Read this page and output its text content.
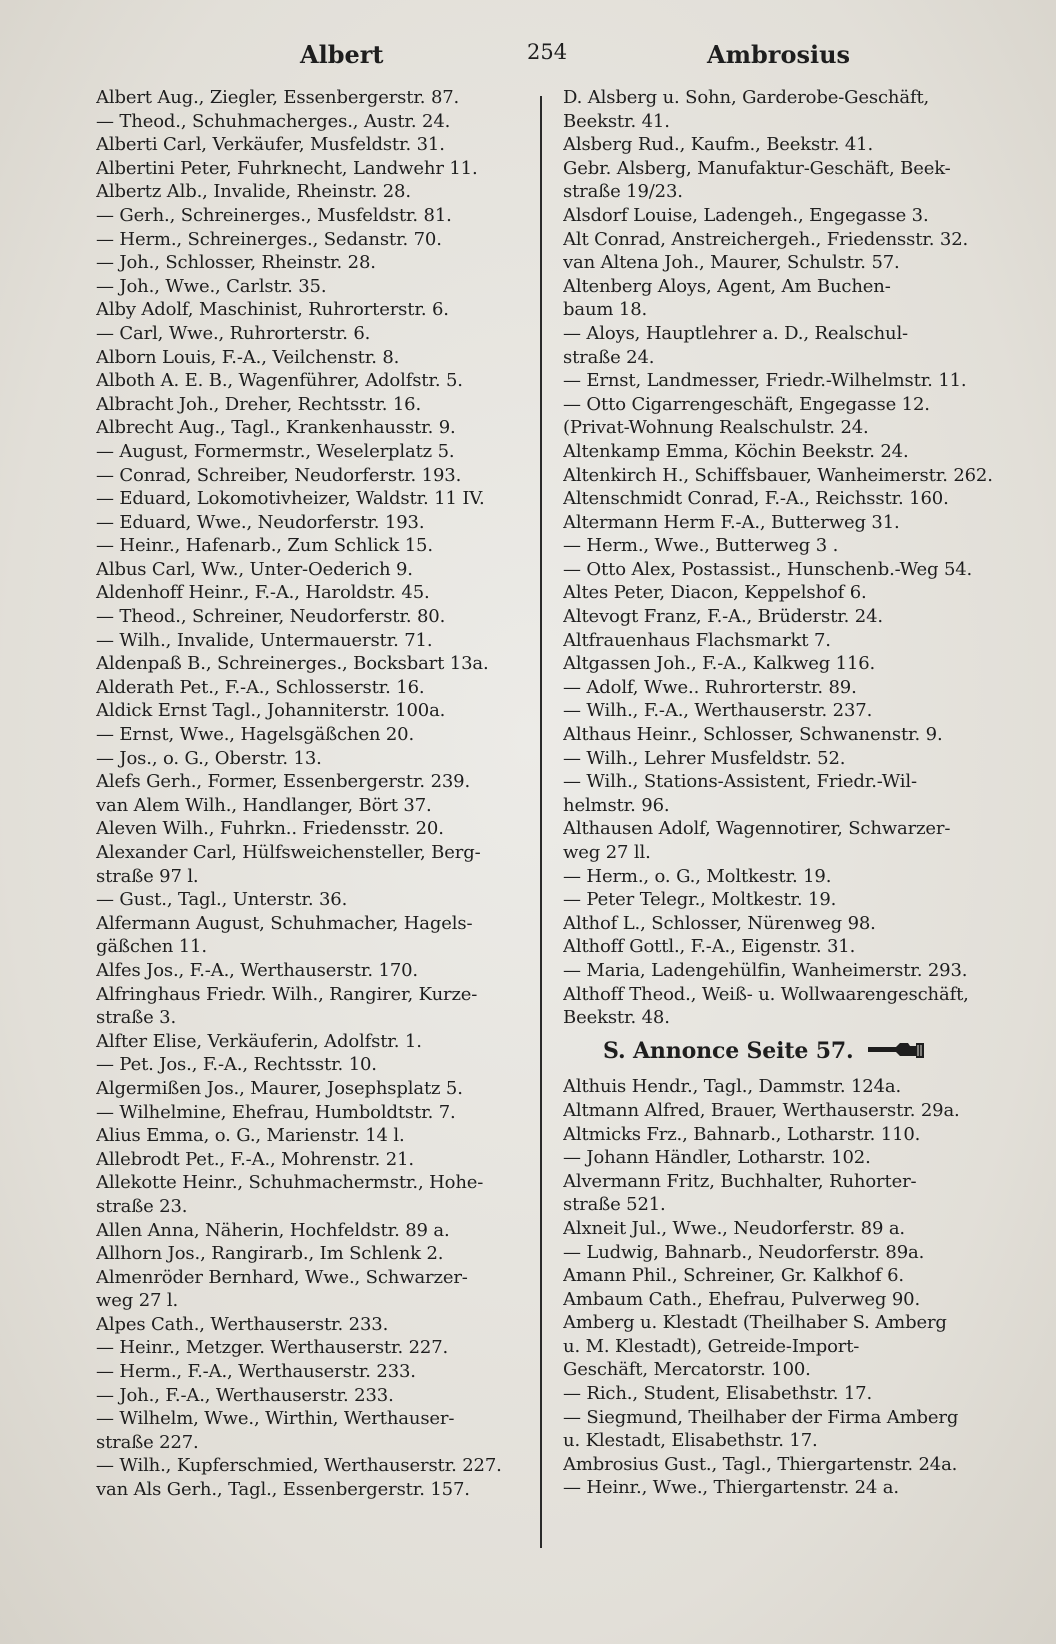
Albert	254	Ambrosius
Albert Aug., Ziegler, Essenbergerstr. 87.
— Theod., Schuhmacherges., Austr. 24.
Alberti Carl, Verkäufer, Musfeldstr. 31.
Albertini Peter, Fuhrknecht, Landwehr 11.
Albertz Alb., Invalide, Rheinstr. 28.
— Gerh., Schreinerges., Musfeldstr. 81.
— Herm., Schreinerges., Sedanstr. 70.
— Joh., Schlosser, Rheinstr. 28.
— Joh., Wwe., Carlstr. 35.
Alby Adolf, Maschinist, Ruhrorterstr. 6.
— Carl, Wwe., Ruhrorterstr. 6.
Alborn Louis, F.-A., Veilchenstr. 8.
Alboth A. E. B., Wagenführer, Adolfstr. 5.
Albracht Joh., Dreher, Rechtsstr. 16.
Albrecht Aug., Tagl., Krankenhausstr. 9.
— August, Formermstr., Weselerplatz 5.
— Conrad, Schreiber, Neudorferstr. 193.
— Eduard, Lokomotivheizer, Waldstr. 11 IV.
— Eduard, Wwe., Neudorferstr. 193.
— Heinr., Hafenarb., Zum Schlick 15.
Albus Carl, Ww., Unter-Oederich 9.
Aldenhoff Heinr., F.-A., Haroldstr. 45.
— Theod., Schreiner, Neudorferstr. 80.
— Wilh., Invalide, Untermauerstr. 71.
Aldenpaß B., Schreinerges., Bocksbart 13a.
Alderath Pet., F.-A., Schlosserstr. 16.
Aldick Ernst Tagl., Johanniterstr. 100a.
— Ernst, Wwe., Hagelsgäßchen 20.
— Jos., o. G., Oberstr. 13.
Alefs Gerh., Former, Essenbergerstr. 239.
van Alem Wilh., Handlanger, Bört 37.
Aleven Wilh., Fuhrkn.. Friedensstr. 20.
Alexander Carl, Hülfsweichensteller, Berg-
straße 97 l.
— Gust., Tagl., Unterstr. 36.
Alfermann August, Schuhmacher, Hagels-
gäßchen 11.
Alfes Jos., F.-A., Werthauserstr. 170.
Alfringhaus Friedr. Wilh., Rangirer, Kurze-
straße 3.
Alfter Elise, Verkäuferin, Adolfstr. 1.
— Pet. Jos., F.-A., Rechtsstr. 10.
Algermißen Jos., Maurer, Josephsplatz 5.
— Wilhelmine, Ehefrau, Humboldtstr. 7.
Alius Emma, o. G., Marienstr. 14 l.
Allebrodt Pet., F.-A., Mohrenstr. 21.
Allekotte Heinr., Schuhmachermstr., Hohe-
straße 23.
Allen Anna, Näherin, Hochfeldstr. 89 a.
Allhorn Jos., Rangirarb., Im Schlenk 2.
Almenröder Bernhard, Wwe., Schwarzer-
weg 27 l.
Alpes Cath., Werthauserstr. 233.
— Heinr., Metzger. Werthauserstr. 227.
— Herm., F.-A., Werthauserstr. 233.
— Joh., F.-A., Werthauserstr. 233.
— Wilhelm, Wwe., Wirthin, Werthauser-
straße 227.
— Wilh., Kupferschmied, Werthauserstr. 227.
van Als Gerh., Tagl., Essenbergerstr. 157.
D. Alsberg u. Sohn, Garderobe-Geschäft,
Beekstr. 41.
Alsberg Rud., Kaufm., Beekstr. 41.
Gebr. Alsberg, Manufaktur-Geschäft, Beek-
straße 19/23.
Alsdorf Louise, Ladengeh., Engegasse 3.
Alt Conrad, Anstreichergeh., Friedensstr. 32.
van Altena Joh., Maurer, Schulstr. 57.
Altenberg Aloys, Agent, Am Buchen-
baum 18.
— Aloys, Hauptlehrer a. D., Realschul-
straße 24.
— Ernst, Landmesser, Friedr.-Wilhelmstr. 11.
— Otto Cigarrengeschäft, Engegasse 12.
(Privat-Wohnung Realschulstr. 24.
Altenkamp Emma, Köchin Beekstr. 24.
Altenkirch H., Schiffsbauer, Wanheimerstr. 262.
Altenschmidt Conrad, F.-A., Reichsstr. 160.
Altermann Herm F.-A., Butterweg 31.
— Herm., Wwe., Butterweg 3 .
— Otto Alex, Postassist., Hunschenb.-Weg 54.
Altes Peter, Diacon, Keppelshof 6.
Altevogt Franz, F.-A., Brüderstr. 24.
Altfrauenhaus Flachsmarkt 7.
Altgassen Joh., F.-A., Kalkweg 116.
— Adolf, Wwe.. Ruhrorterstr. 89.
— Wilh., F.-A., Werthauserstr. 237.
Althaus Heinr., Schlosser, Schwanenstr. 9.
— Wilh., Lehrer Musfeldstr. 52.
— Wilh., Stations-Assistent, Friedr.-Wil-
helmstr. 96.
Althausen Adolf, Wagennotirer, Schwarzer-
weg 27 ll.
— Herm., o. G., Moltkestr. 19.
— Peter Telegr., Moltkestr. 19.
Althof L., Schlosser, Nürenweg 98.
Althoff Gottl., F.-A., Eigenstr. 31.
— Maria, Ladengehülfin, Wanheimerstr. 293.
Althoff Theod., Weiß- u. Wollwaarengeschäft,
Beekstr. 48.
S. Annonce Seite 57.
Althuis Hendr., Tagl., Dammstr. 124a.
Altmann Alfred, Brauer, Werthauserstr. 29a.
Altmicks Frz., Bahnarb., Lotharstr. 110.
— Johann Händler, Lotharstr. 102.
Alvermann Fritz, Buchhalter, Ruhorter-
straße 521.
Alxneit Jul., Wwe., Neudorferstr. 89 a.
— Ludwig, Bahnarb., Neudorferstr. 89a.
Amann Phil., Schreiner, Gr. Kalkhof 6.
Ambaum Cath., Ehefrau, Pulverweg 90.
Amberg u. Klestadt (Theilhaber S. Amberg
u. M. Klestadt), Getreide-Import-
Geschäft, Mercatorstr. 100.
— Rich., Student, Elisabethstr. 17.
— Siegmund, Theilhaber der Firma Amberg
u. Klestadt, Elisabethstr. 17.
Ambrosius Gust., Tagl., Thiergartenstr. 24a.
— Heinr., Wwe., Thiergartenstr. 24 a.
